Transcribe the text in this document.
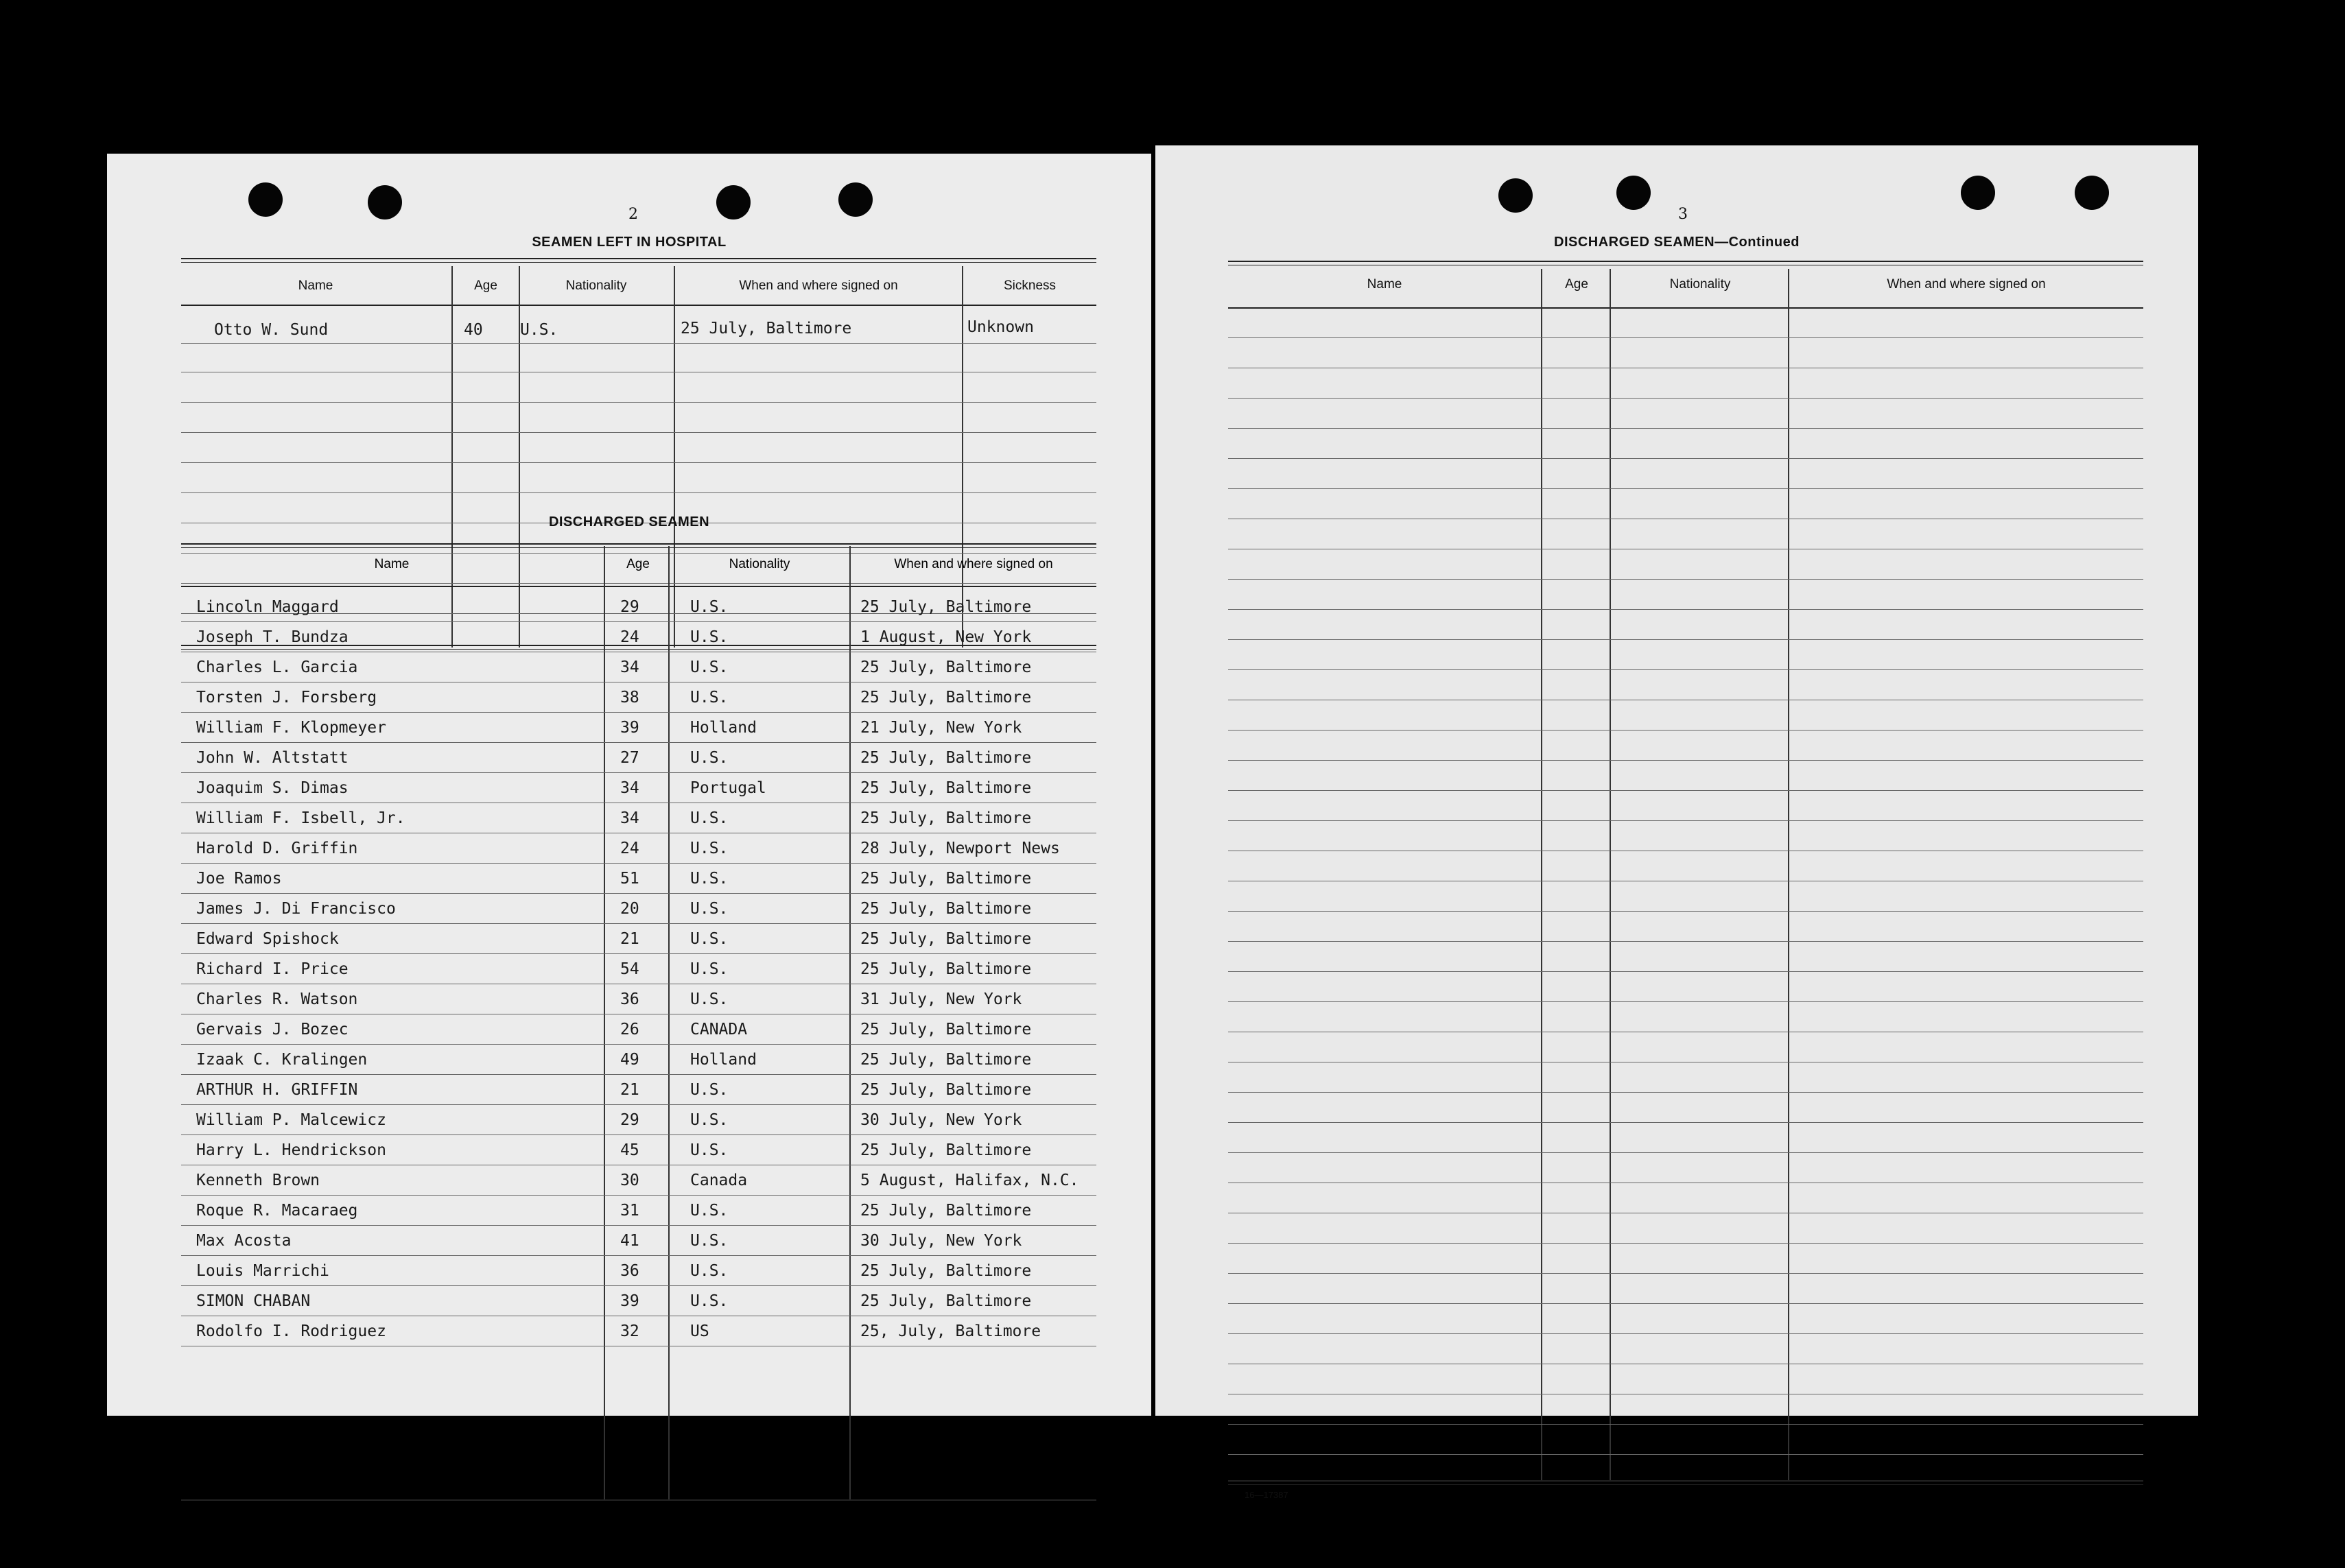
2
SEAMEN LEFT IN HOSPITAL
Name	Age	Nationality	When and where signed on	Sickness
Otto W. Sund	40 U.S.	25 July, Baltimore	Unknown
DISCHARGED SEAMEN
Name	Age	Nationality	When and where signed on
Lincoln Maggard	29	U.S.	25 July, Baltimore
Joseph T. Bundza	24	U.S.	1 August, New York
Charles L. Garcia	34	U.S.	25 July, Baltimore
Torsten J. Forsberg	38	U.S.	25 July, Baltimore
William F. Klopmeyer	39	Holland	21 July, New York
John W. Altstatt	27	U.S.	25 July, Baltimore
Joaquim S. Dimas	34	Portugal	25 July, Baltimore
William F. Isbell, Jr.	34	U.S.	25 July, Baltimore
Harold D. Griffin	24	U.S.	28 July, Newport News
Joe Ramos	51	U.S.	25 July, Baltimore
James J. Di Francisco	20	U.S.	25 July, Baltimore
Edward Spishock	21	U.S.	25 July, Baltimore
Richard I. Price	54	U.S.	25 July, Baltimore
Charles R. Watson	36	U.S.	31 July, New York
Gervais J. Bozec	26	CANADA	25 July, Baltimore
Izaak C. Kralingen	49	Holland	25 July, Baltimore
ARTHUR H. GRIFFIN	21	U.S.	25 July, Baltimore
William P. Malcewicz	29	U.S.	30 July, New York
Harry L. Hendrickson	45	U.S.	25 July, Baltimore
Kenneth Brown	30	Canada	5 August, Halifax, N.C.
Roque R. Macaraeg	31	U.S.	25 July, Baltimore
Max Acosta	41	U.S.	30 July, New York
Louis Marrichi	36	U.S.	25 July, Baltimore
SIMON CHABAN	39	U.S.	25 July, Baltimore
Rodolfo I. Rodriguez	32	US	25, July, Baltimore
16—17387	[CONTINUED ON NEXT PAGE]
3
DISCHARGED SEAMEN—Continued
Name	Age	Nationality	When and where signed on
16—17387
